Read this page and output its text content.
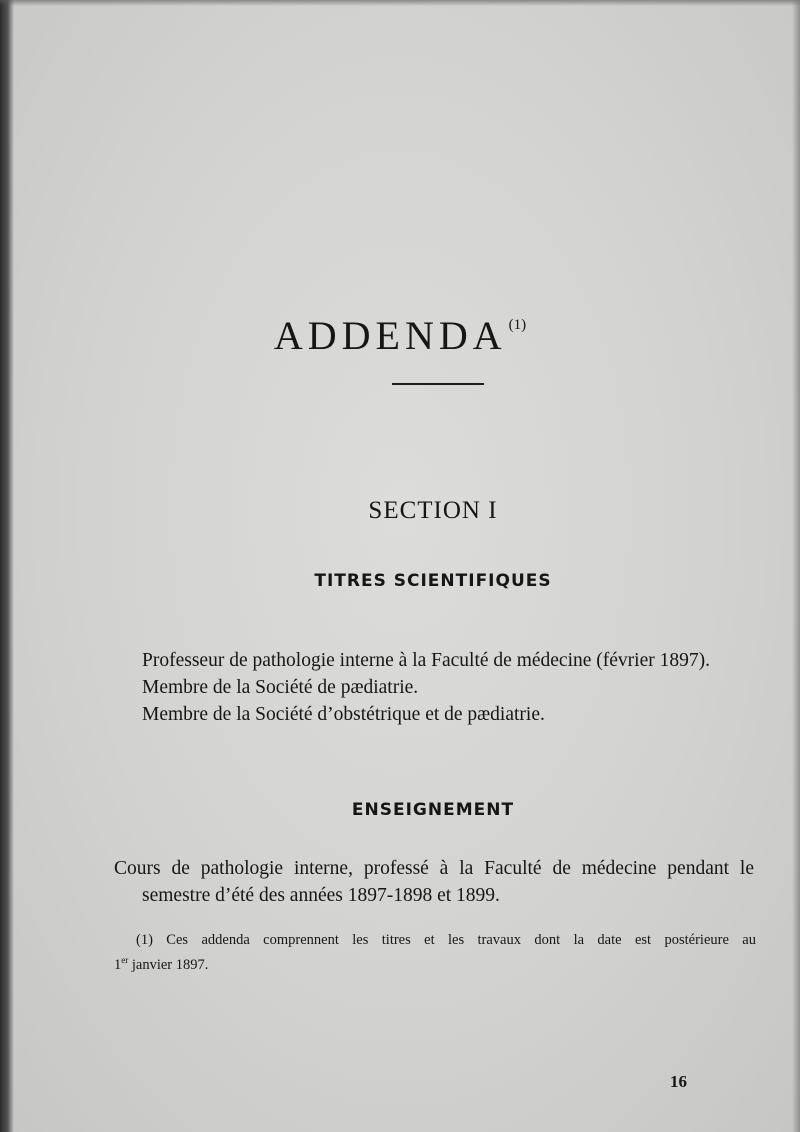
ADDENDA $^{(1)}$
SECTION I
TITRES SCIENTIFIQUES
Professeur de pathologie interne à la Faculté de médecine (février 1897).
Membre de la Société de pædiatrie.
Membre de la Société d’obstétrique et de pædiatrie.
ENSEIGNEMENT
Cours de pathologie interne, professé à la Faculté de médecine pendant le
semestre d’été des années 1897-1898 et 1899.
(1) Ces addenda comprennent les titres et les travaux dont la date est postérieure au
1er janvier 1897.
16
